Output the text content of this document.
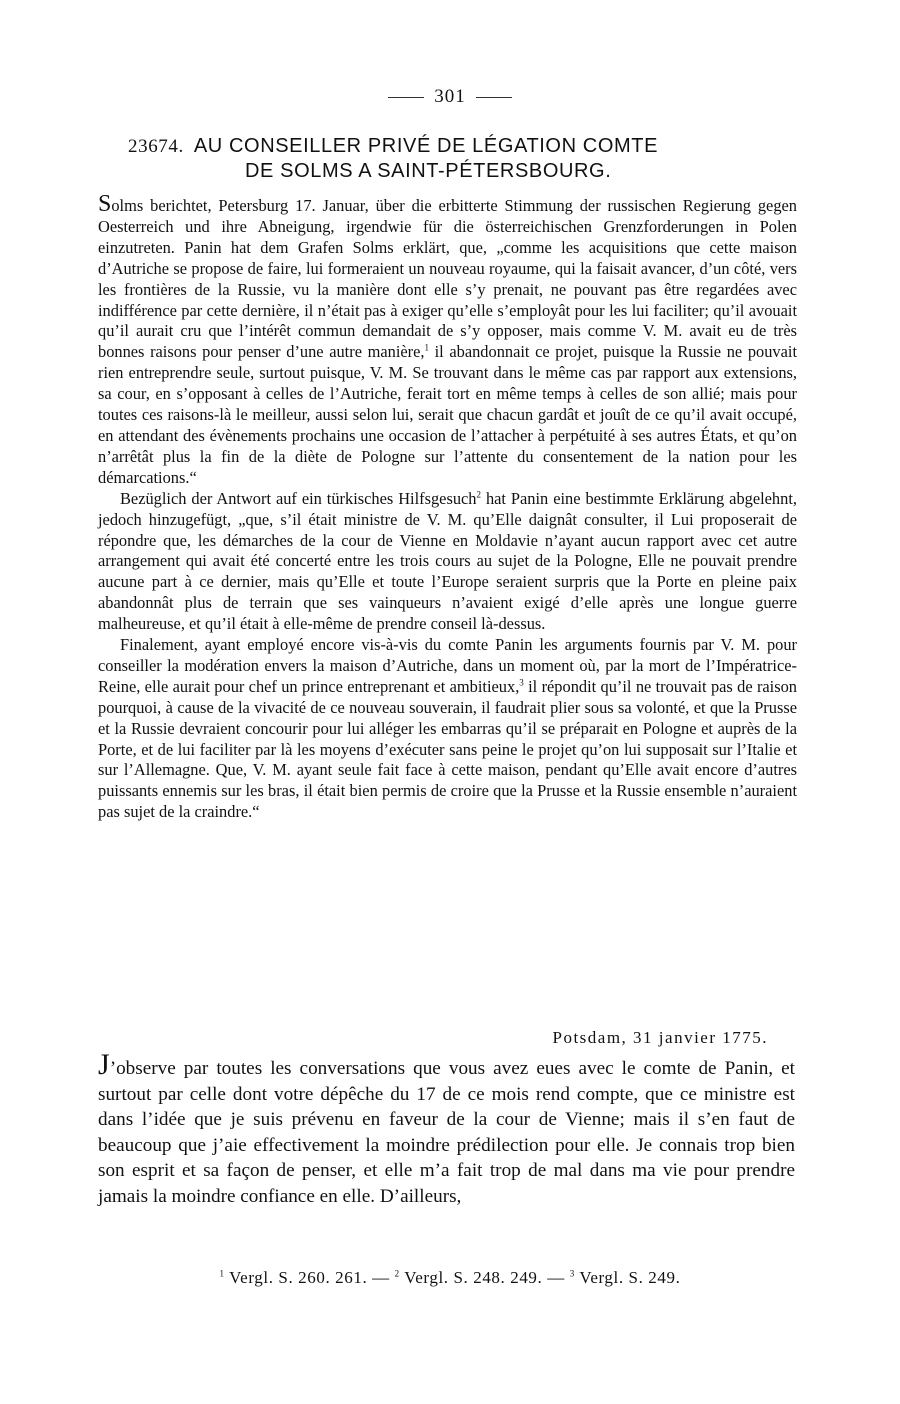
301
23674. AU CONSEILLER PRIVÉ DE LÉGATION COMTE
DE SOLMS A SAINT-PÉTERSBOURG.

Solms berichtet, Petersburg 17. Januar, über die erbitterte Stimmung der russischen Regierung gegen Oesterreich und ihre Abneigung, irgendwie für die österreichischen Grenzforderungen in Polen einzutreten. Panin hat dem Grafen Solms erklärt, que, „comme les acquisitions que cette maison d’Autriche se propose de faire, lui formeraient un nouveau royaume, qui la faisait avancer, d’un côté, vers les frontières de la Russie, vu la manière dont elle s’y prenait, ne pouvant pas être regardées avec indifférence par cette dernière, il n’était pas à exiger qu’elle s’employât pour les lui faciliter; qu’il avouait qu’il aurait cru que l’intérêt commun demandait de s’y opposer, mais comme V. M. avait eu de très bonnes raisons pour penser d’une autre manière,$^1$ il abandonnait ce projet, puisque la Russie ne pouvait rien entreprendre seule, surtout puisque, V. M. Se trouvant dans le même cas par rapport aux extensions, sa cour, en s’opposant à celles de l’Autriche, ferait tort en même temps à celles de son allié; mais pour toutes ces raisons-là le meilleur, aussi selon lui, serait que chacun gardât et jouît de ce qu’il avait occupé, en attendant des évènements prochains une occasion de l’attacher à perpétuité à ses autres États, et qu’on n’arrêtât plus la fin de la diète de Pologne sur l’attente du consentement de la nation pour les démarcations.“

Bezüglich der Antwort auf ein türkisches Hilfsgesuch$^2$ hat Panin eine bestimmte Erklärung abgelehnt, jedoch hinzugefügt, „que, s’il était ministre de V. M. qu’Elle daignât consulter, il Lui proposerait de répondre que, les démarches de la cour de Vienne en Moldavie n’ayant aucun rapport avec cet autre arrangement qui avait été concerté entre les trois cours au sujet de la Pologne, Elle ne pouvait prendre aucune part à ce dernier, mais qu’Elle et toute l’Europe seraient surpris que la Porte en pleine paix abandonnât plus de terrain que ses vainqueurs n’avaient exigé d’elle après une longue guerre malheureuse, et qu’il était à elle-même de prendre conseil là-dessus.

Finalement, ayant employé encore vis-à-vis du comte Panin les arguments fournis par V. M. pour conseiller la modération envers la maison d’Autriche, dans un moment où, par la mort de l’Impératrice-Reine, elle aurait pour chef un prince entreprenant et ambitieux,$^3$ il répondit qu’il ne trouvait pas de raison pourquoi, à cause de la vivacité de ce nouveau souverain, il faudrait plier sous sa volonté, et que la Prusse et la Russie devraient concourir pour lui alléger les embarras qu’il se préparait en Pologne et auprès de la Porte, et de lui faciliter par là les moyens d’exécuter sans peine le projet qu’on lui supposait sur l’Italie et sur l’Allemagne. Que, V. M. ayant seule fait face à cette maison, pendant qu’Elle avait encore d’autres puissants ennemis sur les bras, il était bien permis de croire que la Prusse et la Russie ensemble n’auraient pas sujet de la craindre.“

Potsdam, 31 janvier 1775.

J’observe par toutes les conversations que vous avez eues avec le comte de Panin, et surtout par celle dont votre dépêche du 17 de ce mois rend compte, que ce ministre est dans l’idée que je suis prévenu en faveur de la cour de Vienne; mais il s’en faut de beaucoup que j’aie effectivement la moindre prédilection pour elle. Je connais trop bien son esprit et sa façon de penser, et elle m’a fait trop de mal dans ma vie pour prendre jamais la moindre confiance en elle. D’ailleurs,

$^1$ Vergl. S. 260. 261. — $^2$ Vergl. S. 248. 249. — $^3$ Vergl. S. 249.
